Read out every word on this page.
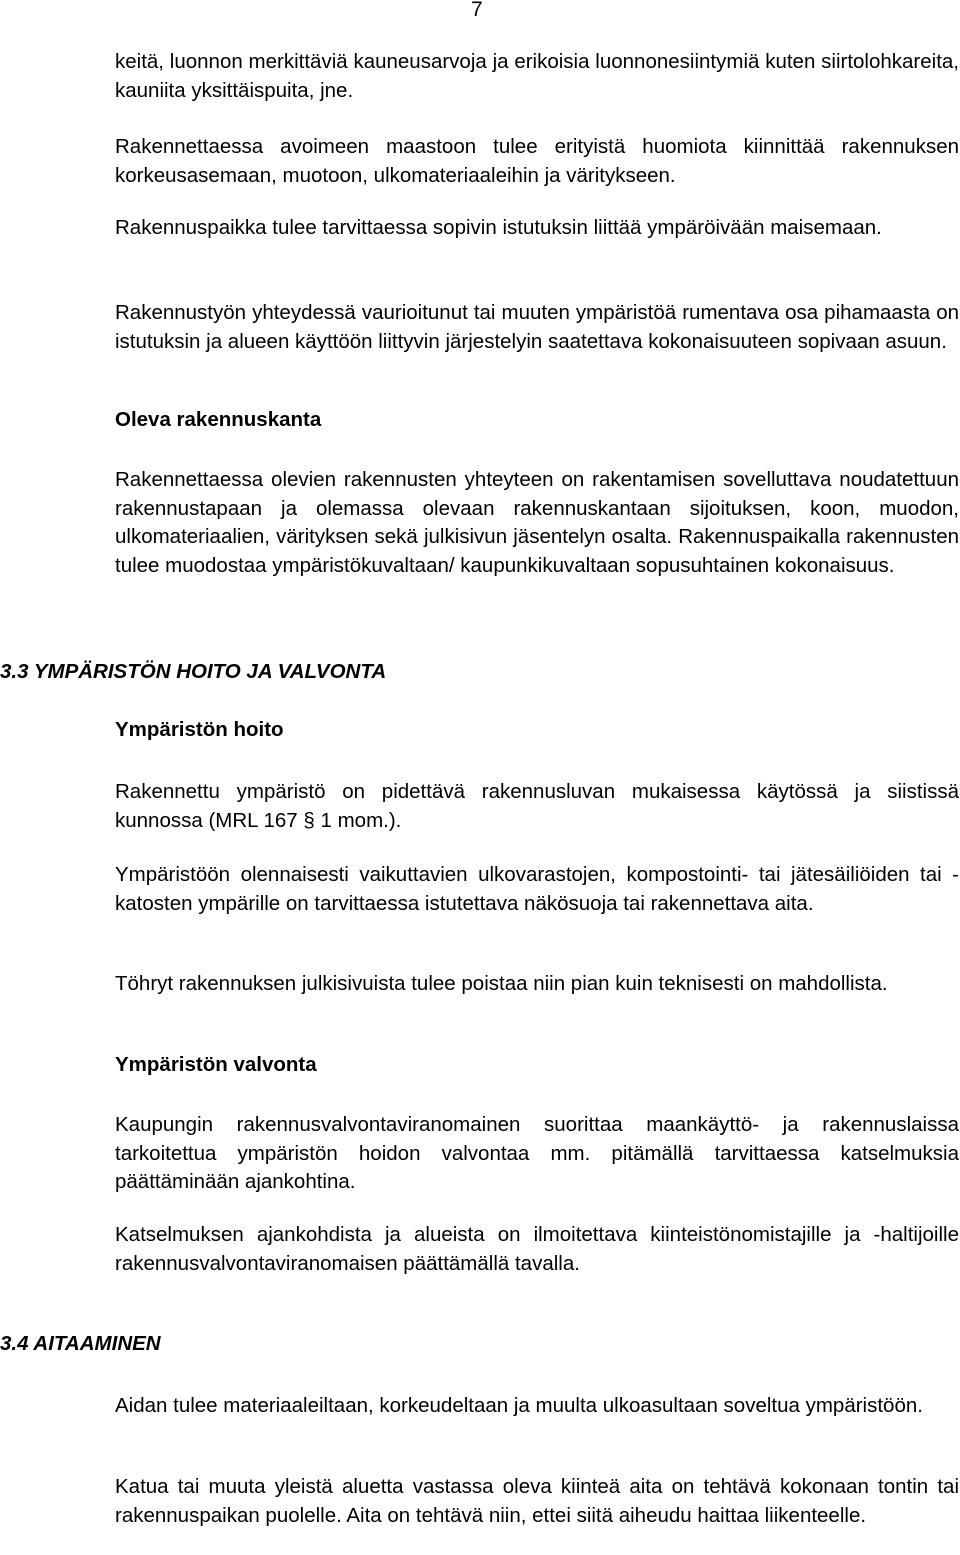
7
keitä, luonnon merkittäviä kauneusarvoja ja erikoisia luonnonesiintymiä kuten siirtolohkareita, kauniita yksittäispuita, jne.
Rakennettaessa avoimeen maastoon tulee erityistä huomiota kiinnittää rakennuksen korkeusasemaan, muotoon, ulkomateriaaleihin ja väritykseen.
Rakennuspaikka tulee tarvittaessa sopivin istutuksin liittää ympäröivään maisemaan.
Rakennustyön yhteydessä vaurioitunut tai muuten ympäristöä rumentava osa pihamaasta on istutuksin ja alueen käyttöön liittyvin järjestelyin saatettava kokonaisuuteen sopivaan asuun.
Oleva rakennuskanta
Rakennettaessa olevien rakennusten yhteyteen on rakentamisen sovelluttava noudatettuun rakennustapaan ja olemassa olevaan rakennuskantaan sijoituksen, koon, muodon, ulkomateriaalien, värityksen sekä julkisivun jäsentelyn osalta. Rakennuspaikalla rakennusten tulee muodostaa ympäristökuvaltaan/ kaupunkikuvaltaan sopusuhtainen kokonaisuus.
3.3 YMPÄRISTÖN HOITO JA VALVONTA
Ympäristön hoito
Rakennettu ympäristö on pidettävä rakennusluvan mukaisessa käytössä ja siistissä kunnossa (MRL 167 § 1 mom.).
Ympäristöön olennaisesti vaikuttavien ulkovarastojen, kompostointi- tai jätesäiliöiden tai -katosten ympärille on tarvittaessa istutettava näkösuoja tai rakennettava aita.
Töhryt rakennuksen julkisivuista tulee poistaa niin pian kuin teknisesti on mahdollista.
Ympäristön valvonta
Kaupungin rakennusvalvontaviranomainen suorittaa maankäyttö- ja rakennuslaissa tarkoitettua ympäristön hoidon valvontaa mm. pitämällä tarvittaessa katselmuksia päättäminään ajankohtina.
Katselmuksen ajankohdista ja alueista on ilmoitettava kiinteistönomistajille ja -haltijoille rakennusvalvontaviranomaisen päättämällä tavalla.
3.4 AITAAMINEN
Aidan tulee materiaaleiltaan, korkeudeltaan ja muulta ulkoasultaan soveltua ympäristöön.
Katua tai muuta yleistä aluetta vastassa oleva kiinteä aita on tehtävä kokonaan tontin tai rakennuspaikan puolelle. Aita on tehtävä niin, ettei siitä aiheudu haittaa liikenteelle.
